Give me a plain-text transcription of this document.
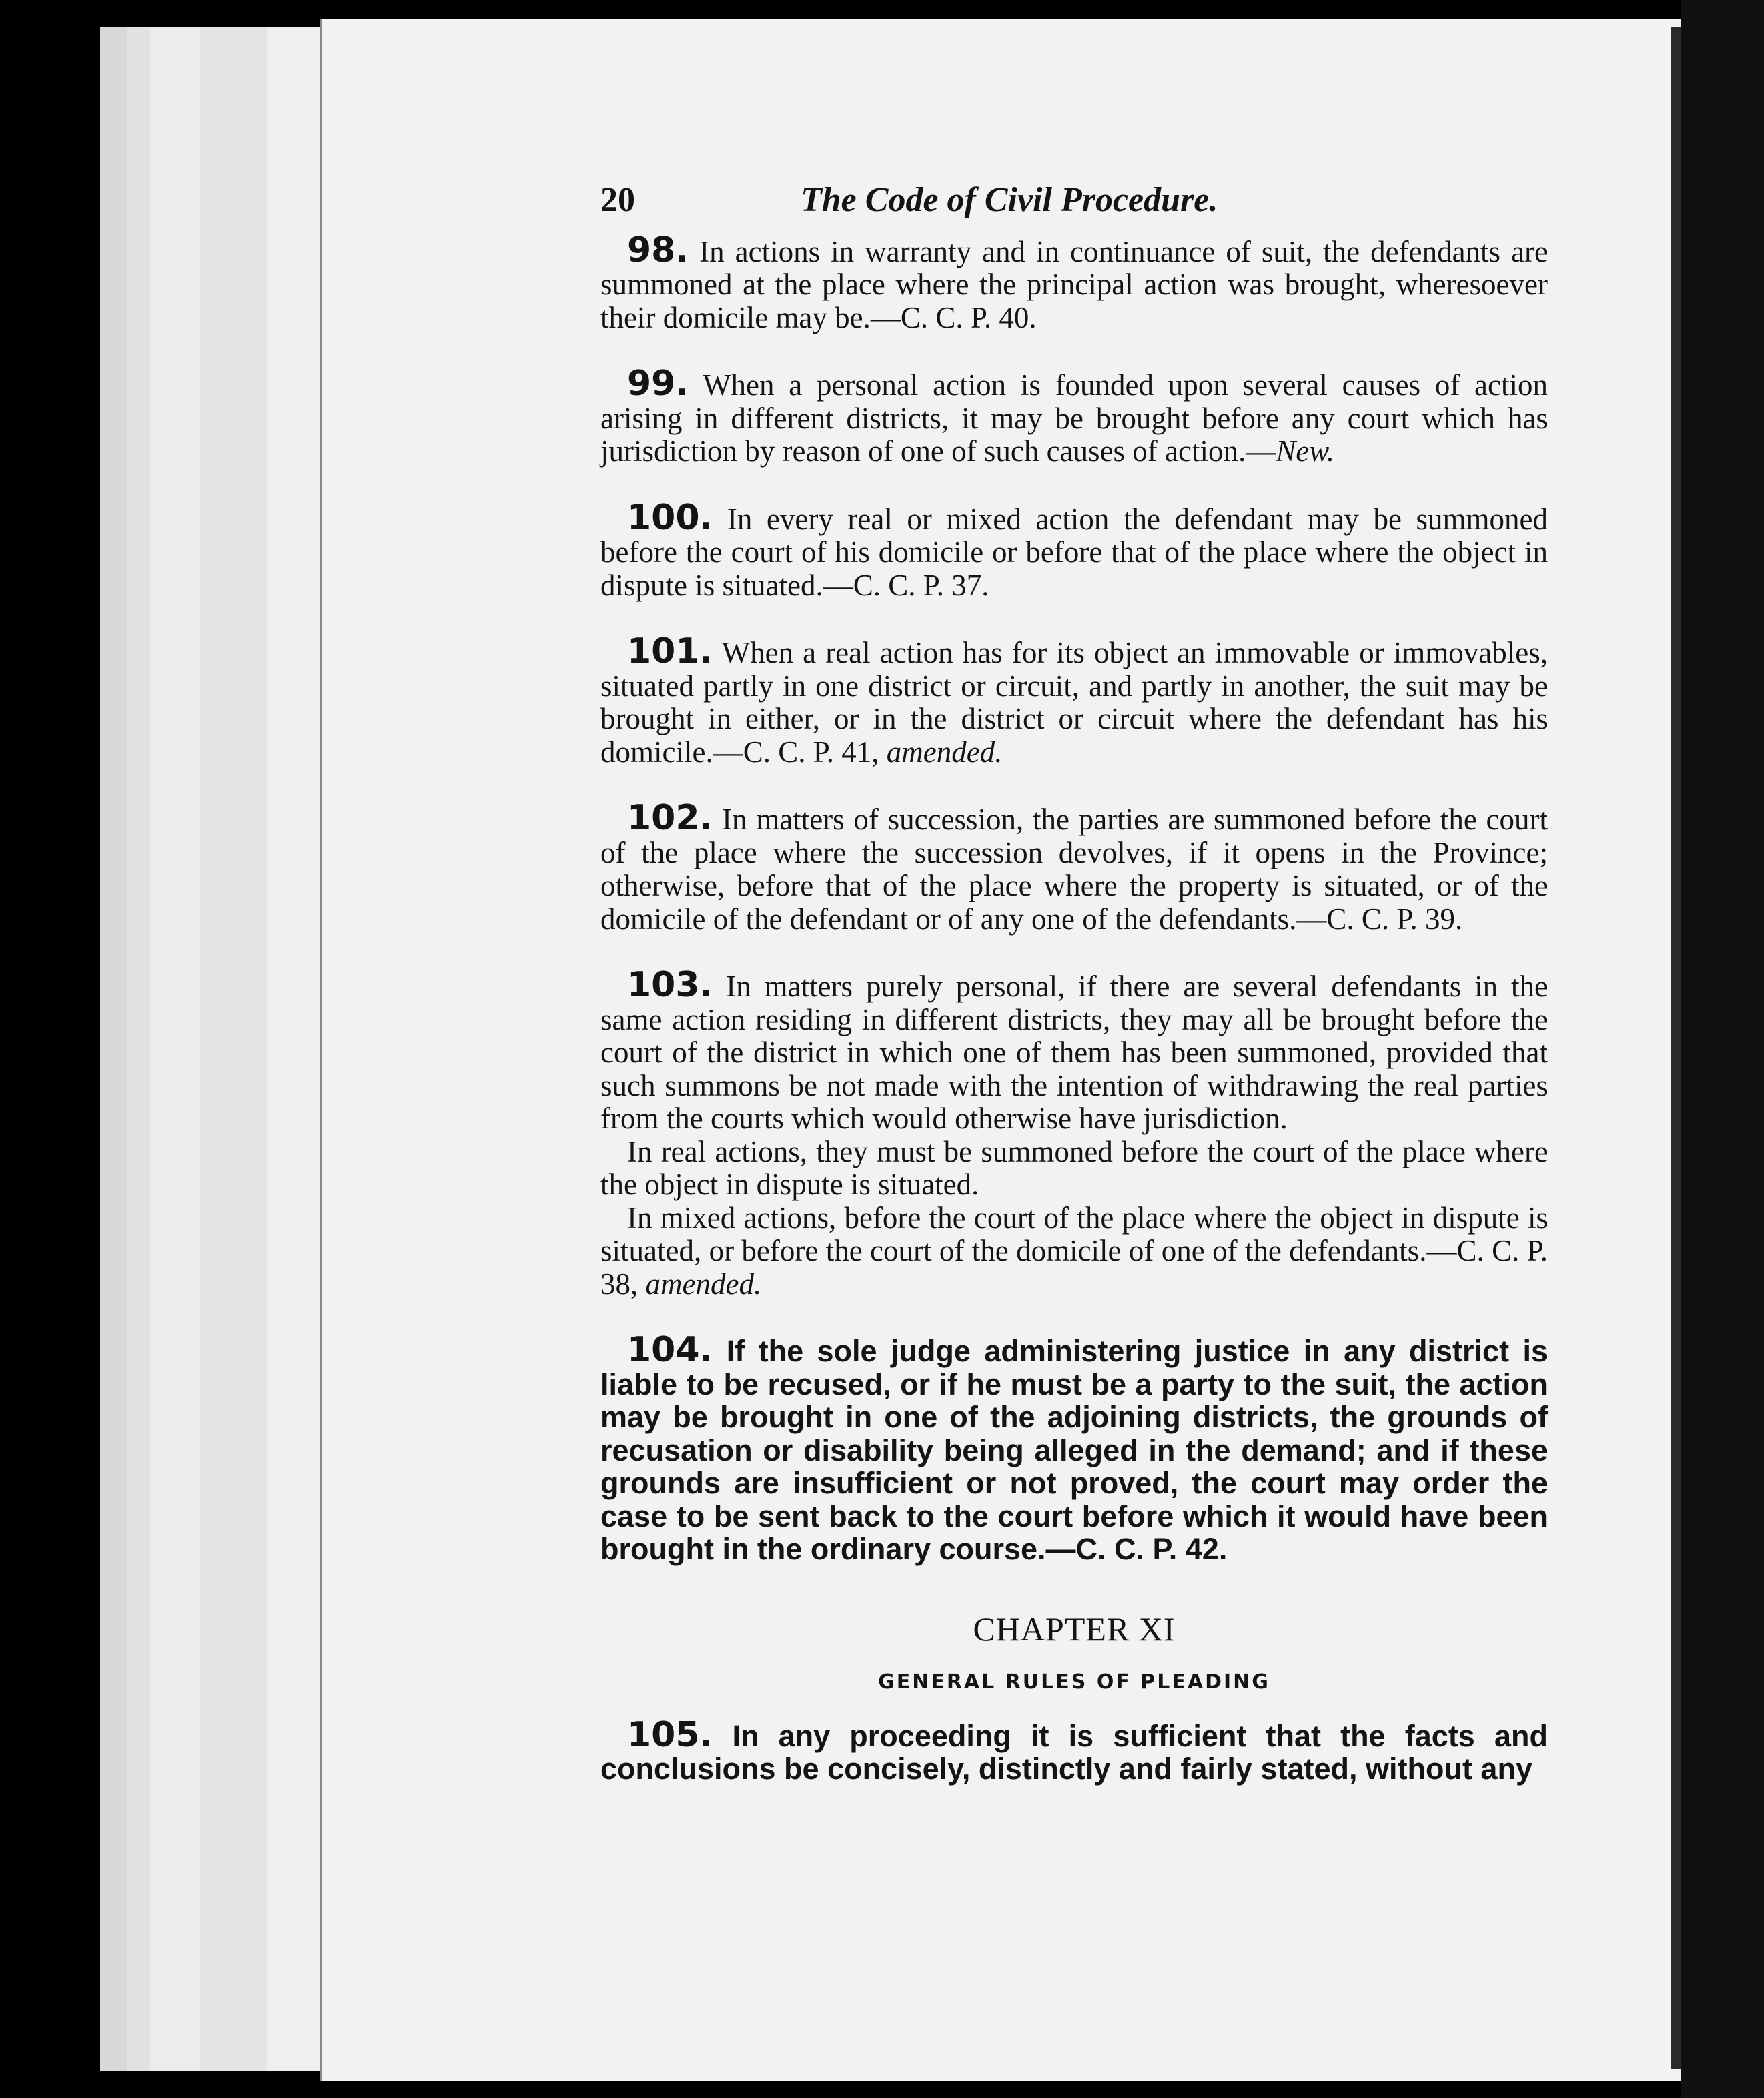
20	The Code of Civil Procedure.
98. In actions in warranty and in continuance of suit, the defendants are summoned at the place where the principal action was brought, wheresoever their domicile may be.—C. C. P. 40.
99. When a personal action is founded upon several causes of action arising in different districts, it may be brought before any court which has jurisdiction by reason of one of such causes of action.—New.
100. In every real or mixed action the defendant may be summoned before the court of his domicile or before that of the place where the object in dispute is situated.—C. C. P. 37.
101. When a real action has for its object an immovable or immovables, situated partly in one district or circuit, and partly in another, the suit may be brought in either, or in the district or circuit where the defendant has his domicile.—C. C. P. 41, amended.
102. In matters of succession, the parties are summoned before the court of the place where the succession devolves, if it opens in the Province; otherwise, before that of the place where the property is situated, or of the domicile of the defendant or of any one of the defendants.—C. C. P. 39.

103. In matters purely personal, if there are several defendants in the same action residing in different districts, they may all be brought before the court of the district in which one of them has been summoned, provided that such summons be not made with the intention of withdrawing the real parties from the courts which would otherwise have jurisdiction.

In real actions, they must be summoned before the court of the place where the object in dispute is situated.

In mixed actions, before the court of the place where the object in dispute is situated, or before the court of the domicile of one of the defendants.—C. C. P. 38, amended.

104. If the sole judge administering justice in any district is liable to be recused, or if he must be a party to the suit, the action may be brought in one of the adjoining districts, the grounds of recusation or disability being alleged in the demand; and if these grounds are insufficient or not proved, the court may order the case to be sent back to the court before which it would have been brought in the ordinary course.—C. C. P. 42.
CHAPTER XI
GENERAL RULES OF PLEADING
105. In any proceeding it is sufficient that the facts and conclusions be concisely, distinctly and fairly stated, without any
